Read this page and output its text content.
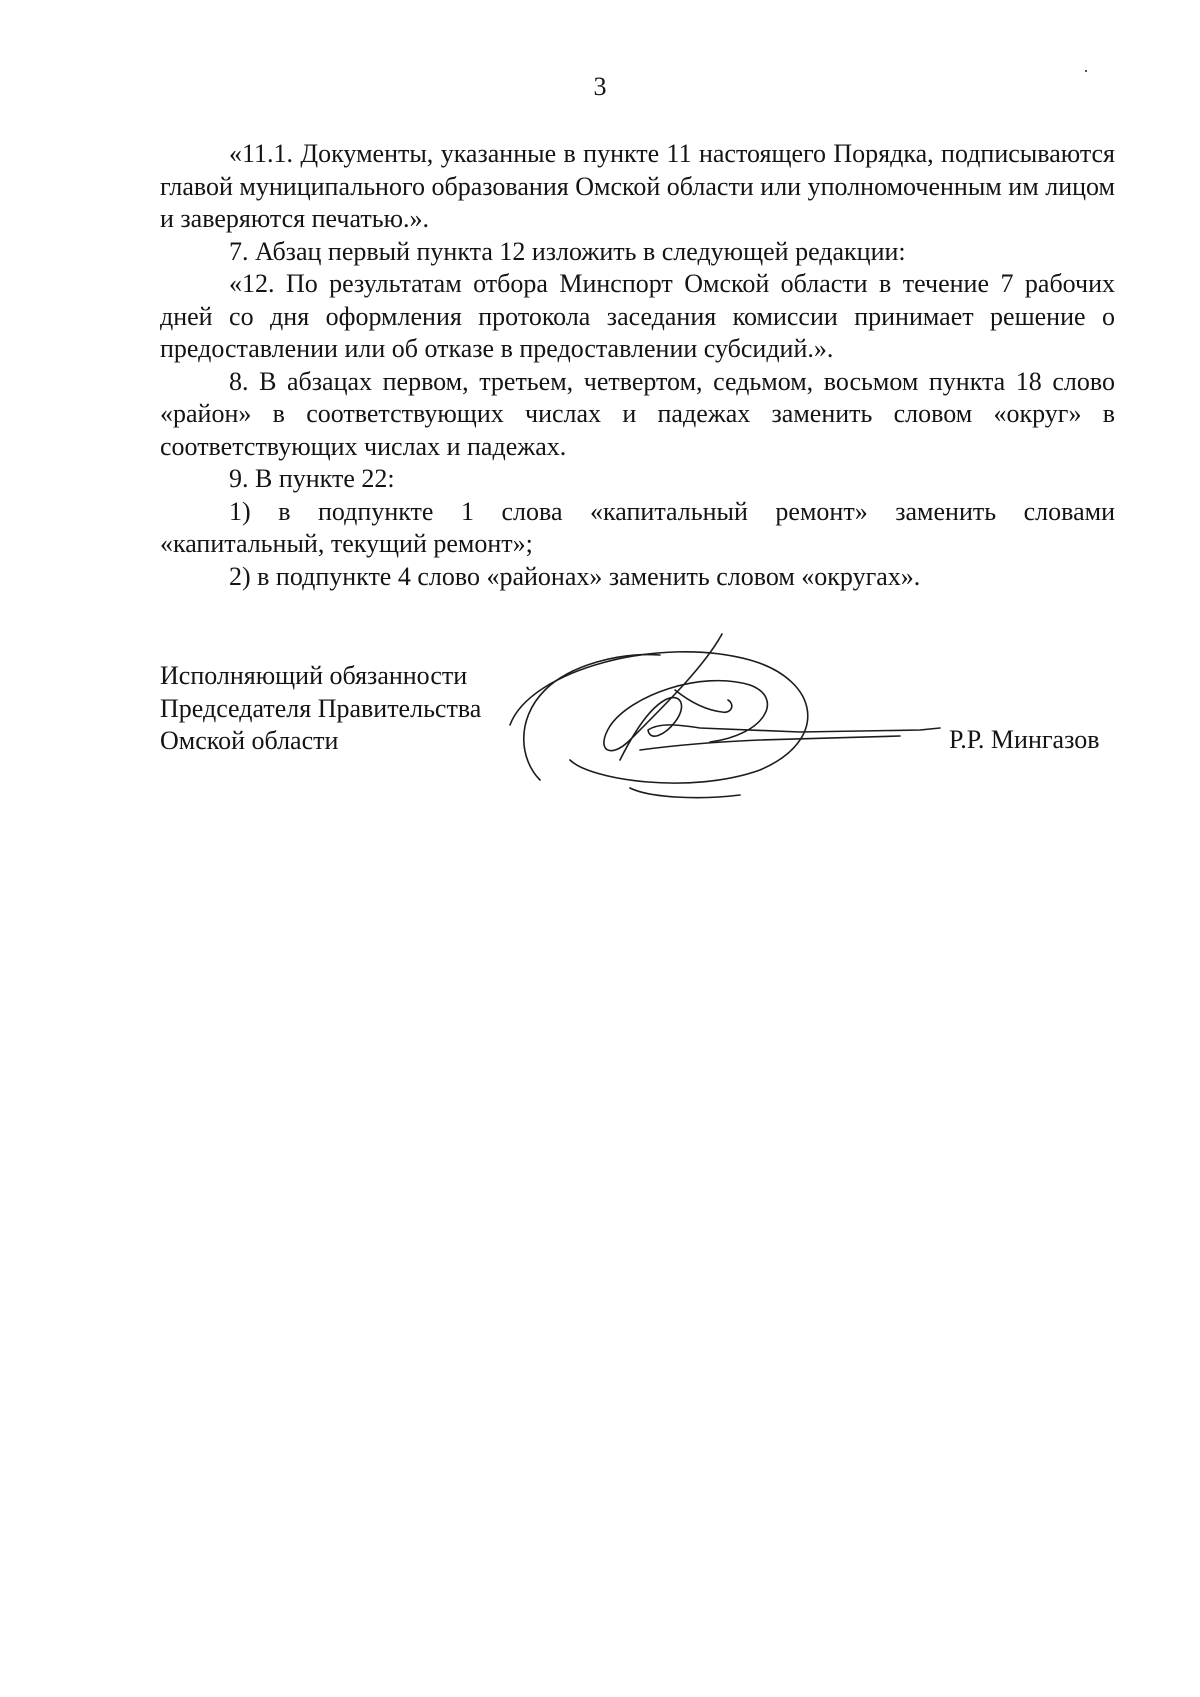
3

«11.1. Документы, указанные в пункте 11 настоящего Порядка, подписываются главой муниципального образования Омской области или уполномоченным им лицом и заверяются печатью.».

7. Абзац первый пункта 12 изложить в следующей редакции:

«12. По результатам отбора Минспорт Омской области в течение 7 рабочих дней со дня оформления протокола заседания комиссии принимает решение о предоставлении или об отказе в предоставлении субсидий.».

8. В абзацах первом, третьем, четвертом, седьмом, восьмом пункта 18 слово «район» в соответствующих числах и падежах заменить словом «округ» в соответствующих числах и падежах.

9. В пункте 22:

1) в подпункте 1 слова «капитальный ремонт» заменить словами «капитальный, текущий ремонт»;

2) в подпункте 4 слово «районах» заменить словом «округах».

Исполняющий обязанности
Председателя Правительства
Омской области	Р.Р. Мингазов
